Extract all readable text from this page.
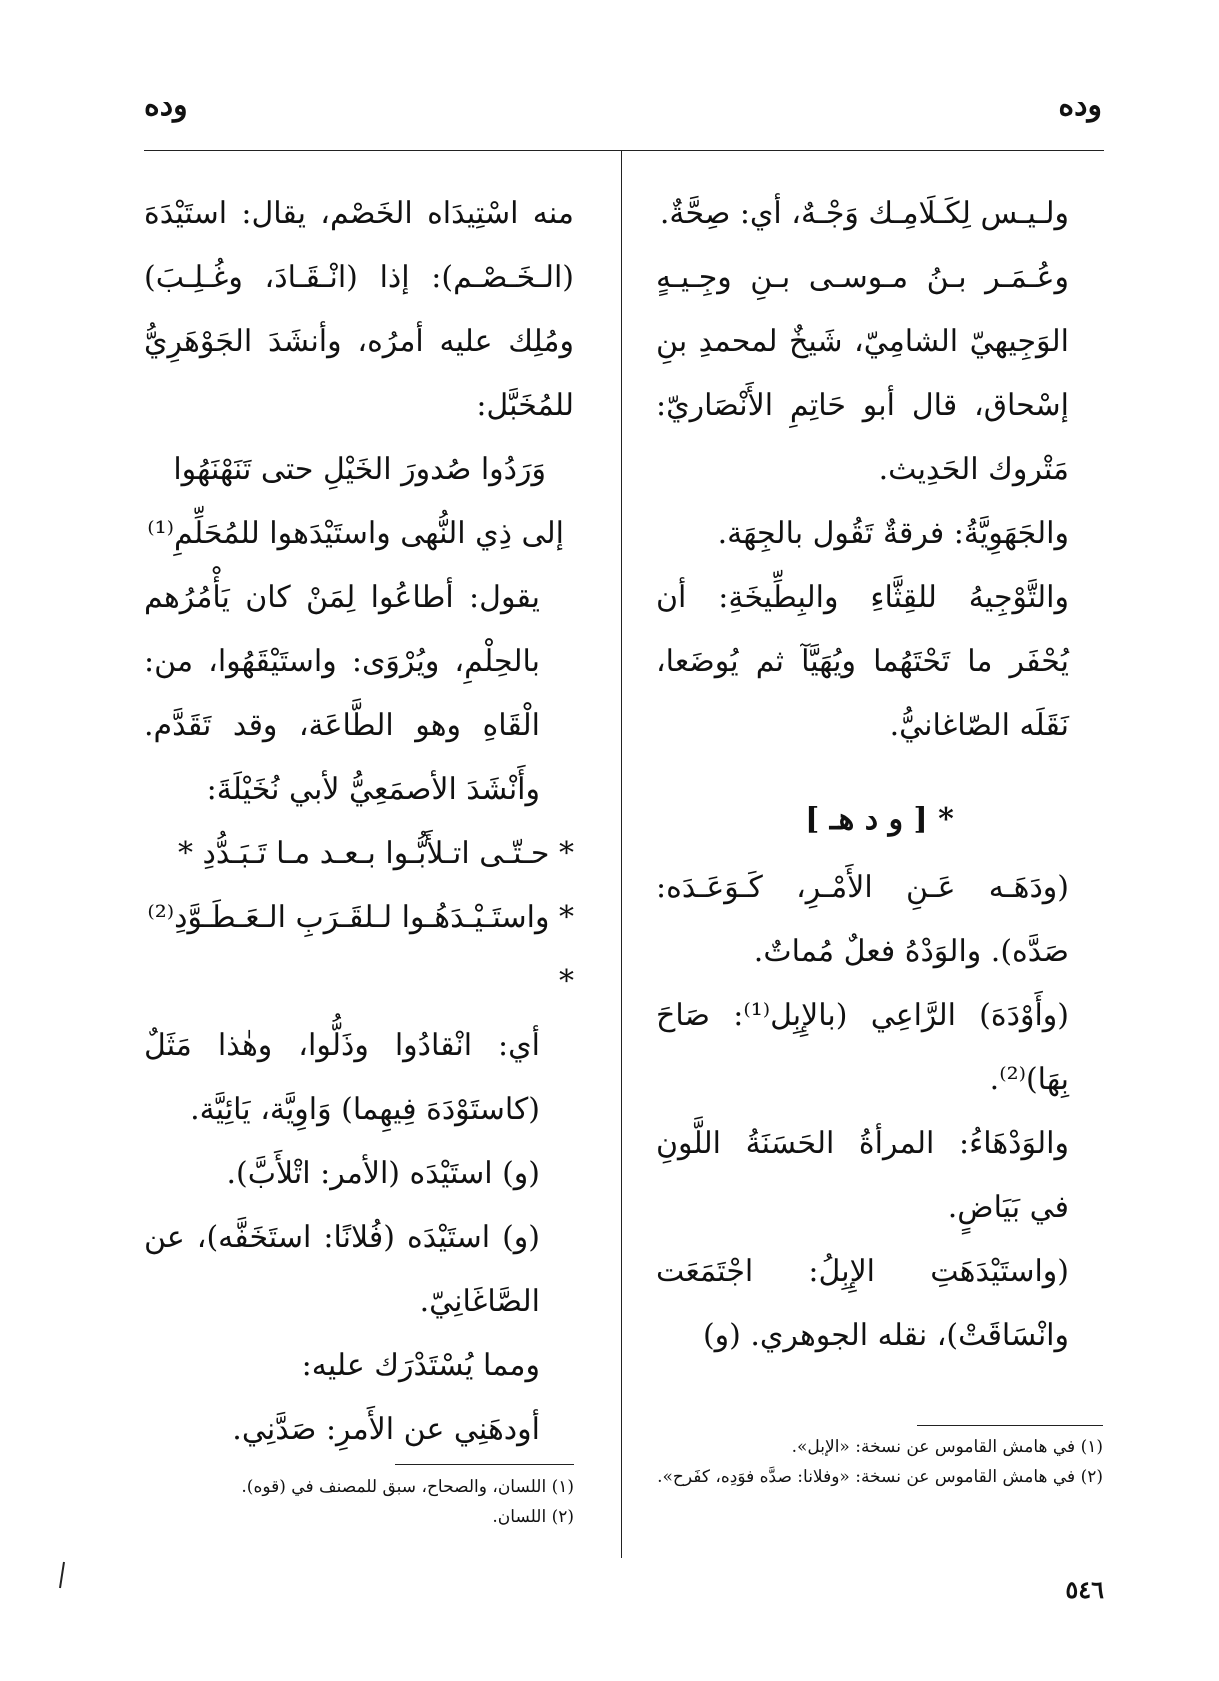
وده
وده

ولـيـس لِكَـلَامِـك وَجْـهٌ، أي: صِحَّةٌ.

وعُـمَـر بـنُ مـوسـى بـنِ وجِـيـهٍ الوَجِيهيّ الشامِيّ، شَيخٌ لمحمدِ بنِ إسْحاق، قال أبو حَاتِمِ الأَنْصَاريّ: مَتْروك الحَدِيث.

والجَهَوِيَّةُ: فرقةٌ تَقُول بالجِهَة.

والتَّوْجِيهُ للقِثَّاءِ والبِطِّيخَةِ: أن يُحْفَر ما تَحْتَهُما ويُهَيَّآ ثم يُوضَعا، نَقَلَه الصّاغانيُّ.

* [ و د هـ ]

(ودَهَـه عَـنِ الأَمْـرِ، كَـوَعَـدَه: صَدَّه). والوَدْهُ فعلٌ مُماتٌ.

(وأَوْدَهَ) الرَّاعِي (بالإِبِل⁽¹⁾: صَاحَ بِهَا)⁽²⁾.

والوَدْهَاءُ: المرأةُ الحَسَنَةُ اللَّونِ في بَيَاضٍ.

(واستَيْدَهَتِ الإِبِلُ: اجْتَمَعَت وانْسَاقَتْ)، نقله الجوهري. (و)

منه اسْتِيدَاه الخَصْم، يقال: استَيْدَهَ (الـخَـصْـم): إذا (انْـقَـادَ، وغُـلِـبَ) ومُلِك عليه أمرُه، وأنشَدَ الجَوْهَرِيُّ للمُخَبَّل:

وَرَدُوا صُدورَ الخَيْلِ حتى تَنَهْنَهُوا

إلى ذِي النُّهى واستَيْدَهوا للمُحَلِّمِ⁽¹⁾

يقول: أطاعُوا لِمَنْ كان يَأْمُرُهم بالحِلْمِ، ويُرْوَى: واستَيْقَهُوا، من: الْقَاهِ وهو الطَّاعَة، وقد تَقَدَّم. وأَنْشَدَ الأصمَعِيُّ لأبي نُخَيْلَةَ:

* حـتّـى اتـلأَبُّـوا بـعـد مـا تَـبَـدُّدِ *

* واستَـيْـدَهُـوا لـلقَـرَبِ الـعَـطَـوَّدِ⁽²⁾ *

أي: انْقادُوا وذَلُّوا، وهٰذا مَثَلٌ (كاستَوْدَهَ فِيهِما) وَاوِيَّة، يَائِيَّة.

(و) استَيْدَه (الأمر: اتْلأَبَّ).

(و) استَيْدَه (فُلانًا: استَخَفَّه)، عن الصَّاغَانِيّ.

ومما يُسْتَدْرَك عليه:

أودهَنِي عن الأَمرِ: صَدَّنِي.	(١) في هامش القاموس عن نسخة: «الإبل».

(٢) في هامش القاموس عن نسخة: «وفلانا: صدَّه فوَدِه، كفَرح».

(١) اللسان، والصحاح، سبق للمصنف في (قوه).

(٢) اللسان.

٥٤٦
